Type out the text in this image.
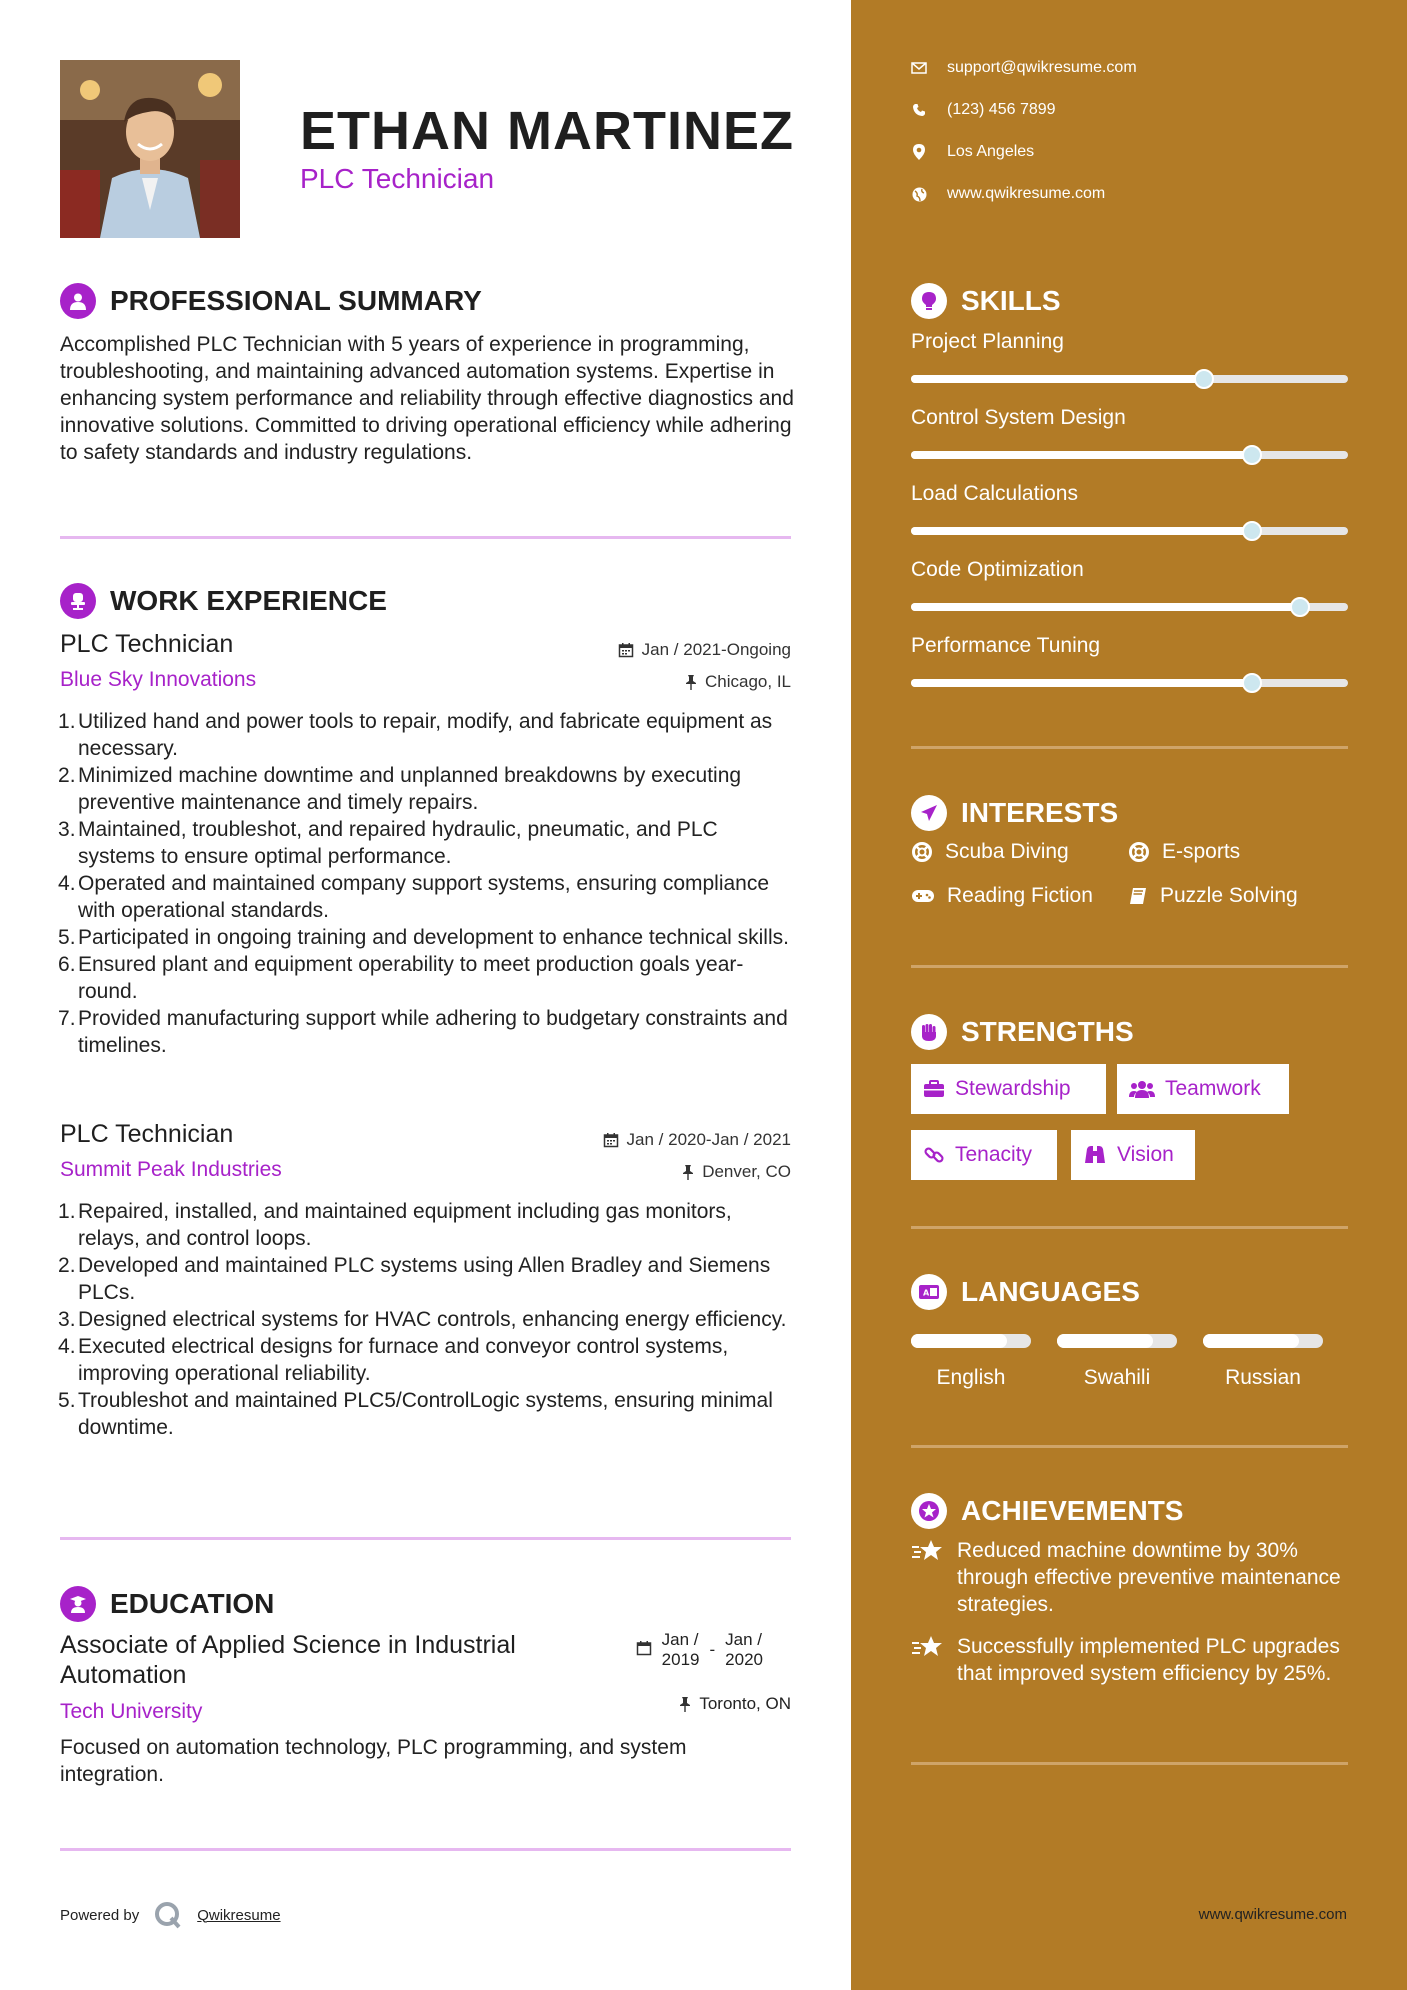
ETHAN MARTINEZ
PLC Technician
PROFESSIONAL SUMMARY
Accomplished PLC Technician with 5 years of experience in programming, troubleshooting, and maintaining advanced automation systems. Expertise in enhancing system performance and reliability through effective diagnostics and innovative solutions. Committed to driving operational efficiency while adhering to safety standards and industry regulations.
WORK EXPERIENCE
PLC Technician	Jan / 2021-Ongoing
Blue Sky Innovations	Chicago, IL
Utilized hand and power tools to repair, modify, and fabricate equipment as necessary.
Minimized machine downtime and unplanned breakdowns by executing preventive maintenance and timely repairs.
Maintained, troubleshot, and repaired hydraulic, pneumatic, and PLC systems to ensure optimal performance.
Operated and maintained company support systems, ensuring compliance with operational standards.
Participated in ongoing training and development to enhance technical skills.
Ensured plant and equipment operability to meet production goals year-round.
Provided manufacturing support while adhering to budgetary constraints and timelines.
PLC Technician	Jan / 2020-Jan / 2021
Summit Peak Industries	Denver, CO
Repaired, installed, and maintained equipment including gas monitors, relays, and control loops.
Developed and maintained PLC systems using Allen Bradley and Siemens PLCs.
Designed electrical systems for HVAC controls, enhancing energy efficiency.
Executed electrical designs for furnace and conveyor control systems, improving operational reliability.
Troubleshot and maintained PLC5/ControlLogic systems, ensuring minimal downtime.
EDUCATION
Associate of Applied Science in Industrial Automation
Jan /
2019
-
Jan /
2020
Tech University	Toronto, ON
Focused on automation technology, PLC programming, and system integration.
Powered by	Qwikresume
support@qwikresume.com
(123) 456 7899
Los Angeles
www.qwikresume.com
SKILLS
Project Planning
Control System Design
Load Calculations
Code Optimization
Performance Tuning
INTERESTS
Scuba Diving	E-sports
Reading Fiction	Puzzle Solving
STRENGTHS
Stewardship	Teamwork
Tenacity	Vision
A LANGUAGES
English	Swahili	Russian
ACHIEVEMENTS
Reduced machine downtime by 30% through effective preventive maintenance strategies.
Successfully implemented PLC upgrades that improved system efficiency by 25%.
www.qwikresume.com
